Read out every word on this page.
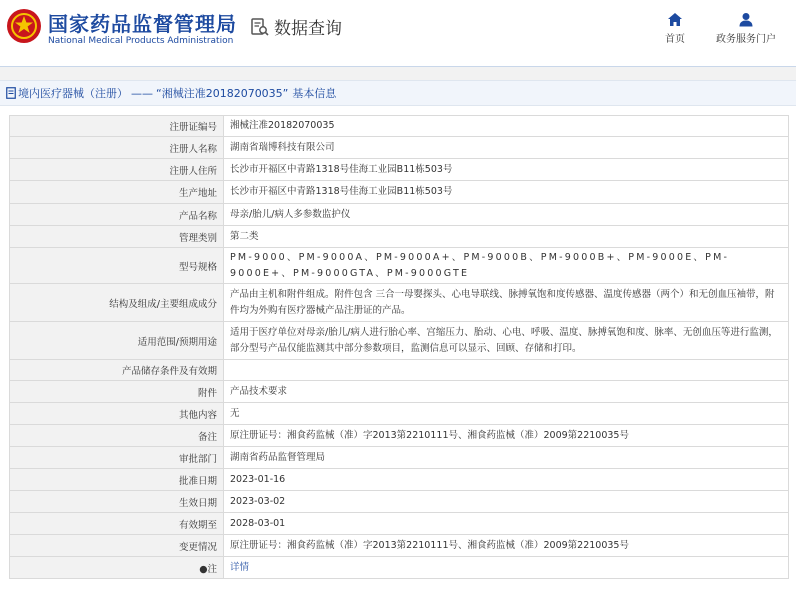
国家药品监督管理局
National Medical Products Administration
数据查询
首页	政务服务门户
境内医疗器械（注册） —— “湘械注准20182070035” 基本信息
注册证编号	湘械注准20182070035
注册人名称	湖南省瑞博科技有限公司
注册人住所	长沙市开福区中青路1318号佳海工业园B11栋503号
生产地址	长沙市开福区中青路1318号佳海工业园B11栋503号
产品名称	母亲/胎儿/病人多参数监护仪
管理类别	第二类
型号规格	PM-9000、PM-9000A、PM-9000A+、PM-9000B、PM-9000B+、PM-9000E、PM-9000E+、PM-9000GTA、PM-9000GTE
结构及组成/主要组成成分	产品由主机和附件组成。附件包含 三合一母婴探头、心电导联线、脉搏氧饱和度传感器、温度传感器（两个）和无创血压袖带，附件均为外购有医疗器械产品注册证的产品。
适用范围/预期用途	适用于医疗单位对母亲/胎儿/病人进行胎心率、宫缩压力、胎动、心电、呼吸、温度、脉搏氧饱和度、脉率、无创血压等进行监测，部分型号产品仅能监测其中部分参数项目，监测信息可以显示、回顾、存储和打印。
产品储存条件及有效期	
附件	产品技术要求
其他内容	无
备注	原注册证号：湘食药监械（准）字2013第2210111号、湘食药监械（准）2009第2210035号
审批部门	湖南省药品监督管理局
批准日期	2023-01-16
生效日期	2023-03-02
有效期至	2028-03-01
变更情况	原注册证号：湘食药监械（准）字2013第2210111号、湘食药监械（准）2009第2210035号
●注	详情
